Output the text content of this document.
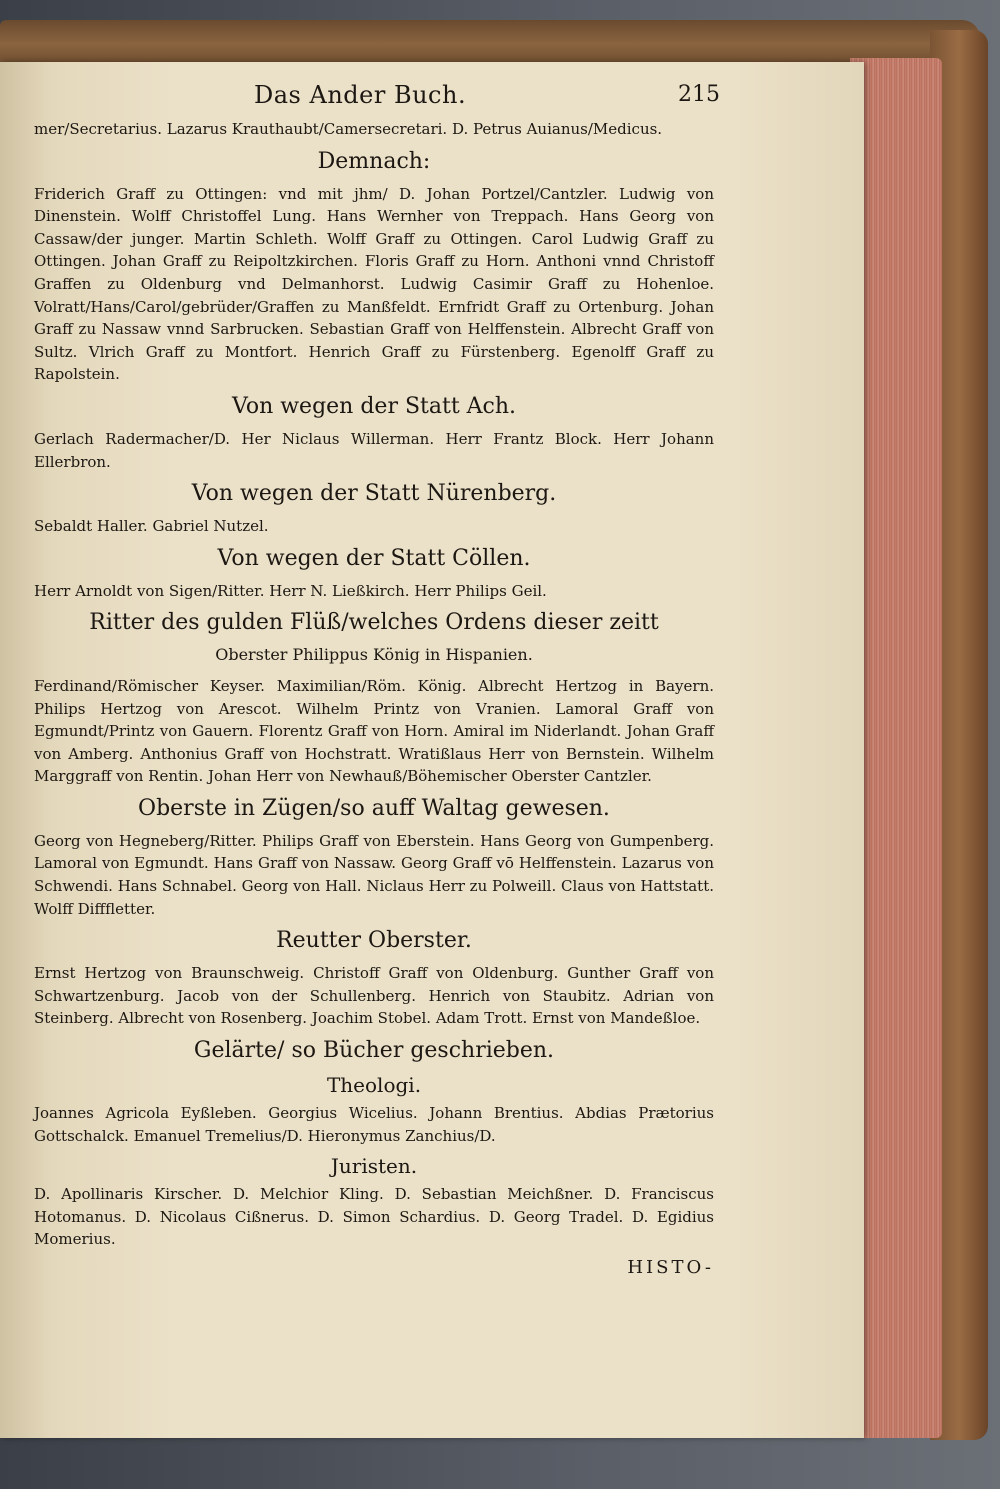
Das Ander Buch.	215

mer/Secretarius. Lazarus Krauthaubt/Camersecretari. D. Petrus Auianus/Medicus.

Demnach:

Friderich Graff zu Ottingen: vnd mit jhm/ D. Johan Portzel/Cantzler. Ludwig von Dinenstein. Wolff Christoffel Lung. Hans Wernher von Treppach. Hans Georg von Cassaw/der junger. Martin Schleth. Wolff Graff zu Ottingen. Carol Ludwig Graff zu Ottingen. Johan Graff zu Reipoltzkirchen. Floris Graff zu Horn. Anthoni vnnd Christoff Graffen zu Oldenburg vnd Delmanhorst. Ludwig Casimir Graff zu Hohenloe. Volratt/Hans/Carol/gebrüder/Graffen zu Manßfeldt. Ernfridt Graff zu Ortenburg. Johan Graff zu Nassaw vnnd Sarbrucken. Sebastian Graff von Helffenstein. Albrecht Graff von Sultz. Vlrich Graff zu Montfort. Henrich Graff zu Fürstenberg. Egenolff Graff zu Rapolstein.

Von wegen der Statt Ach.

Gerlach Radermacher/D. Her Niclaus Willerman. Herr Frantz Block. Herr Johann Ellerbron.

Von wegen der Statt Nürenberg.

Sebaldt Haller. Gabriel Nutzel.

Von wegen der Statt Cöllen.

Herr Arnoldt von Sigen/Ritter. Herr N. Ließkirch. Herr Philips Geil.

Ritter des gulden Flüß/welches Ordens dieser zeitt
Oberster Philippus König in Hispanien.

Ferdinand/Römischer Keyser. Maximilian/Röm. König. Albrecht Hertzog in Bayern. Philips Hertzog von Arescot. Wilhelm Printz von Vranien. Lamoral Graff von Egmundt/Printz von Gauern. Florentz Graff von Horn. Amiral im Niderlandt. Johan Graff von Amberg. Anthonius Graff von Hochstratt. Wratißlaus Herr von Bernstein. Wilhelm Marggraff von Rentin. Johan Herr von Newhauß/Böhemischer Oberster Cantzler.

Oberste in Zügen/so auff Waltag gewesen.

Georg von Hegneberg/Ritter. Philips Graff von Eberstein. Hans Georg von Gumpenberg. Lamoral von Egmundt. Hans Graff von Nassaw. Georg Graff vō Helffenstein. Lazarus von Schwendi. Hans Schnabel. Georg von Hall. Niclaus Herr zu Polweill. Claus von Hattstatt. Wolff Difffletter.

Reutter Oberster.

Ernst Hertzog von Braunschweig. Christoff Graff von Oldenburg. Gunther Graff von Schwartzenburg. Jacob von der Schullenberg. Henrich von Staubitz. Adrian von Steinberg. Albrecht von Rosenberg. Joachim Stobel. Adam Trott. Ernst von Mandeßloe.

Gelärte/ so Bücher geschrieben.
Theologi.

Joannes Agricola Eyßleben. Georgius Wicelius. Johann Brentius. Abdias Prætorius Gottschalck. Emanuel Tremelius/D. Hieronymus Zanchius/D.

Juristen.

D. Apollinaris Kirscher. D. Melchior Kling. D. Sebastian Meichßner. D. Franciscus Hotomanus. D. Nicolaus Cißnerus. D. Simon Schardius. D. Georg Tradel. D. Egidius Momerius.

HISTO-
